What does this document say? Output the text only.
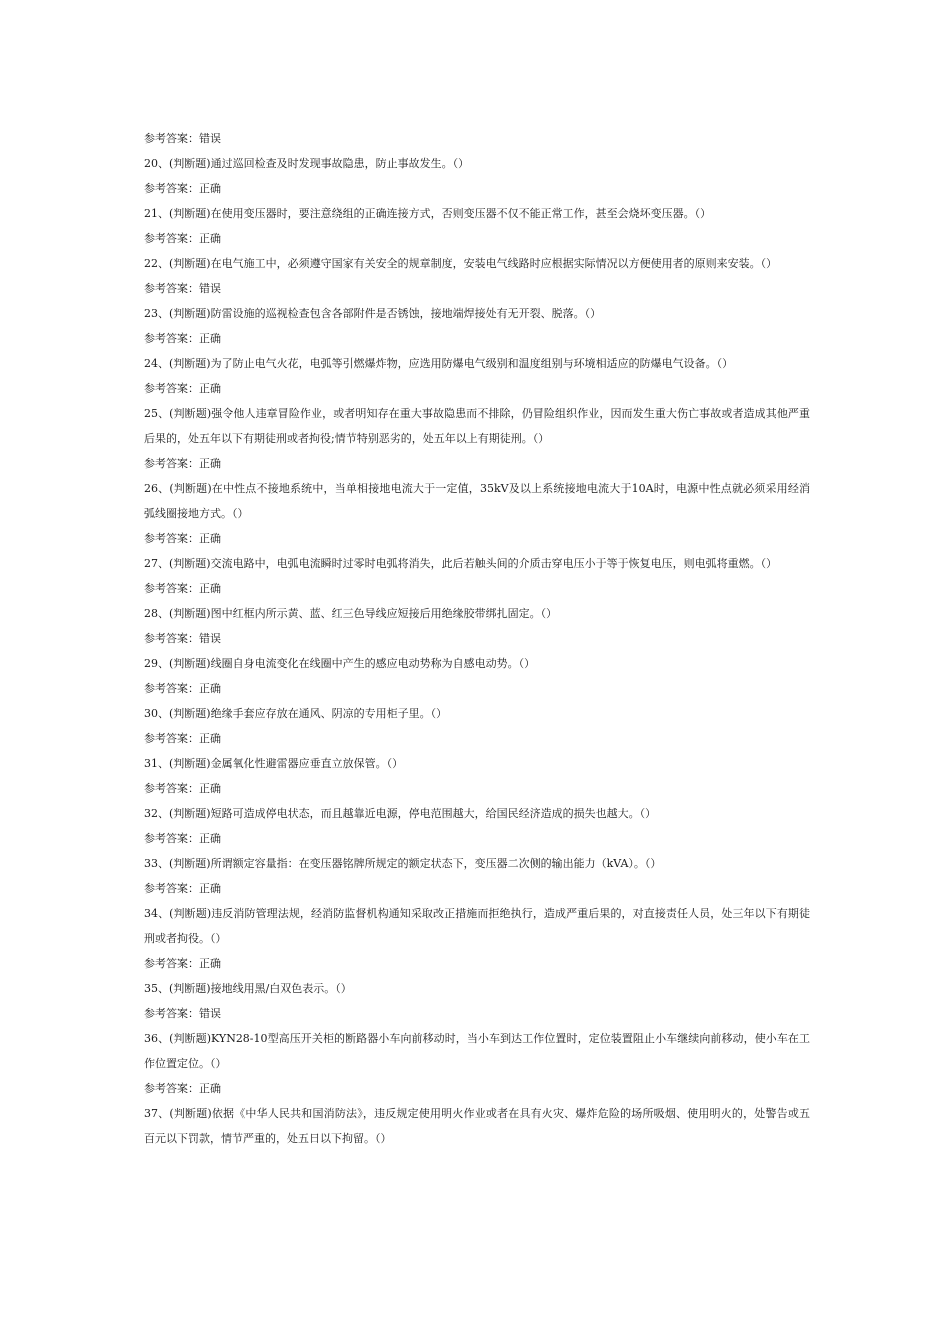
参考答案：错误
20、(判断题)通过巡回检查及时发现事故隐患，防止事故发生。（）
参考答案：正确
21、(判断题)在使用变压器时，要注意绕组的正确连接方式，否则变压器不仅不能正常工作，甚至会烧坏变压器。（）
参考答案：正确
22、(判断题)在电气施工中，必须遵守国家有关安全的规章制度，安装电气线路时应根据实际情况以方便使用者的原则来安装。（）
参考答案：错误
23、(判断题)防雷设施的巡视检查包含各部附件是否锈蚀，接地端焊接处有无开裂、脱落。（）
参考答案：正确
24、(判断题)为了防止电气火花，电弧等引燃爆炸物，应选用防爆电气级别和温度组别与环境相适应的防爆电气设备。（）
参考答案：正确
25、(判断题)强令他人违章冒险作业，或者明知存在重大事故隐患而不排除，仍冒险组织作业，因而发生重大伤亡事故或者造成其他严重后果的，处五年以下有期徒刑或者拘役;情节特别恶劣的，处五年以上有期徒刑。（）
参考答案：正确
26、(判断题)在中性点不接地系统中，当单相接地电流大于一定值，35kV及以上系统接地电流大于10A时，电源中性点就必须采用经消弧线圈接地方式。（）
参考答案：正确
27、(判断题)交流电路中，电弧电流瞬时过零时电弧将消失，此后若触头间的介质击穿电压小于等于恢复电压，则电弧将重燃。（）
参考答案：正确
28、(判断题)图中红框内所示黄、蓝、红三色导线应短接后用绝缘胶带绑扎固定。（）
参考答案：错误
29、(判断题)线圈自身电流变化在线圈中产生的感应电动势称为自感电动势。（）
参考答案：正确
30、(判断题)绝缘手套应存放在通风、阴凉的专用柜子里。（）
参考答案：正确
31、(判断题)金属氧化性避雷器应垂直立放保管。（）
参考答案：正确
32、(判断题)短路可造成停电状态，而且越靠近电源，停电范围越大，给国民经济造成的损失也越大。（）
参考答案：正确
33、(判断题)所谓额定容量指：在变压器铭牌所规定的额定状态下，变压器二次侧的输出能力（kVA）。（）
参考答案：正确
34、(判断题)违反消防管理法规，经消防监督机构通知采取改正措施而拒绝执行，造成严重后果的，对直接责任人员，处三年以下有期徒刑或者拘役。（）
参考答案：正确
35、(判断题)接地线用黑/白双色表示。（）
参考答案：错误
36、(判断题)KYN28-10型高压开关柜的断路器小车向前移动时，当小车到达工作位置时，定位装置阻止小车继续向前移动，使小车在工作位置定位。（）
参考答案：正确
37、(判断题)依据《中华人民共和国消防法》，违反规定使用明火作业或者在具有火灾、爆炸危险的场所吸烟、使用明火的，处警告或五百元以下罚款，情节严重的，处五日以下拘留。（）
